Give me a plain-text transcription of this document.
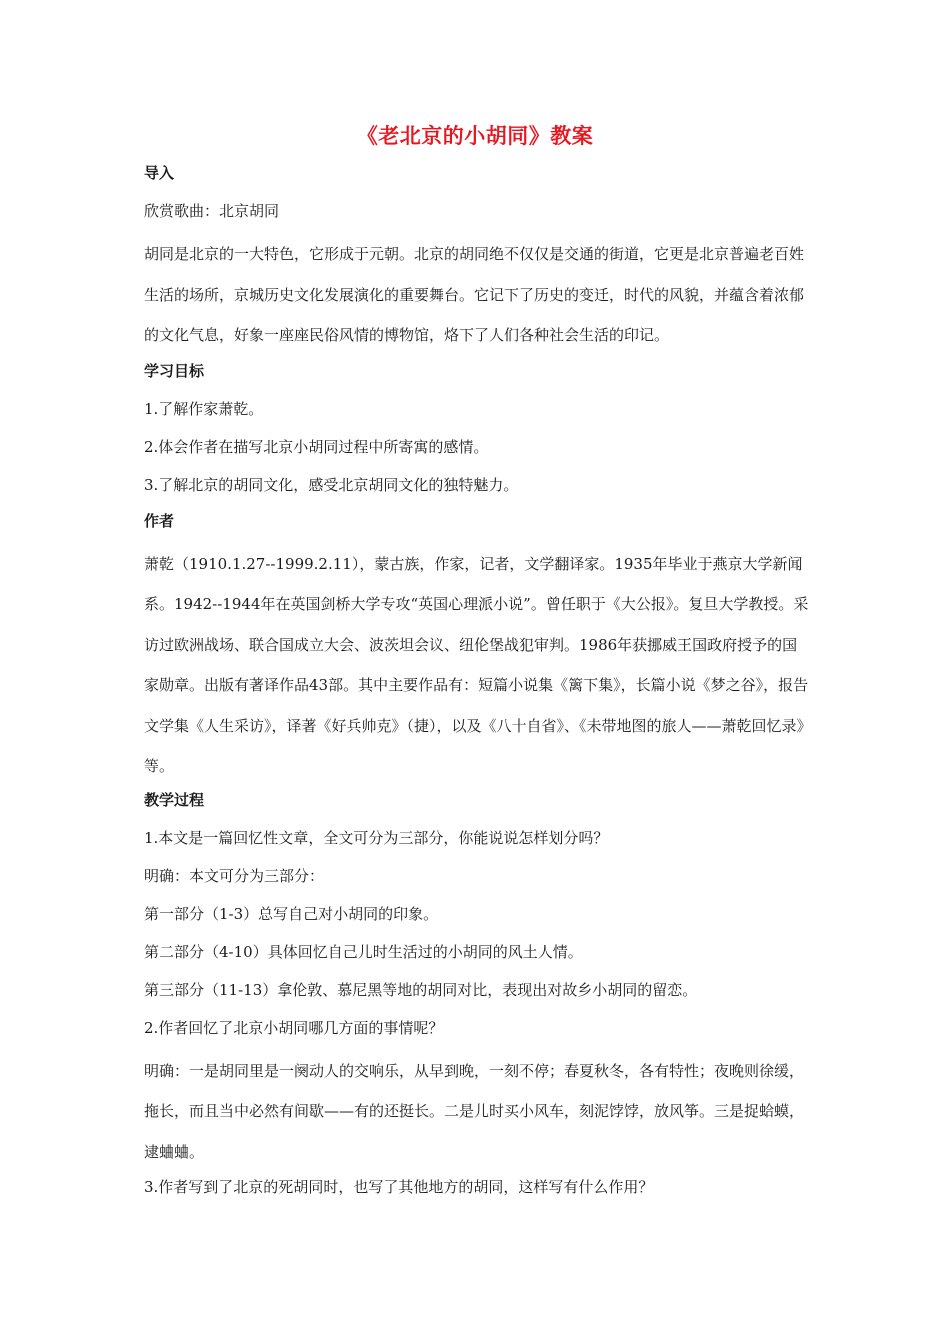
《老北京的小胡同》教案
导入
欣赏歌曲：北京胡同
胡同是北京的一大特色，它形成于元朝。北京的胡同绝不仅仅是交通的街道，它更是北京普遍老百姓生活的场所，京城历史文化发展演化的重要舞台。它记下了历史的变迁，时代的风貌，并蕴含着浓郁的文化气息，好象一座座民俗风情的博物馆，烙下了人们各种社会生活的印记。
学习目标
1.了解作家萧乾。
2.体会作者在描写北京小胡同过程中所寄寓的感情。
3.了解北京的胡同文化，感受北京胡同文化的独特魅力。
作者
萧乾（1910.1.27--1999.2.11），蒙古族，作家，记者，文学翻译家。1935年毕业于燕京大学新闻系。1942--1944年在英国剑桥大学专攻“英国心理派小说”。曾任职于《大公报》。复旦大学教授。采访过欧洲战场、联合国成立大会、波茨坦会议、纽伦堡战犯审判。1986年获挪威王国政府授予的国家勋章。出版有著译作品43部。其中主要作品有：短篇小说集《篱下集》，长篇小说《梦之谷》，报告文学集《人生采访》，译著《好兵帅克》（捷），以及《八十自省》、《未带地图的旅人——萧乾回忆录》等。
教学过程
1.本文是一篇回忆性文章，全文可分为三部分，你能说说怎样划分吗？
明确：本文可分为三部分：
第一部分（1-3）总写自己对小胡同的印象。
第二部分（4-10）具体回忆自己儿时生活过的小胡同的风土人情。
第三部分（11-13）拿伦敦、慕尼黑等地的胡同对比，表现出对故乡小胡同的留恋。
2.作者回忆了北京小胡同哪几方面的事情呢？
明确：一是胡同里是一阕动人的交响乐，从早到晚，一刻不停；春夏秋冬，各有特性；夜晚则徐缓，拖长，而且当中必然有间歇——有的还挺长。二是儿时买小风车，刻泥饽饽，放风筝。三是捉蛤蟆，逮蛐蛐。
3.作者写到了北京的死胡同时，也写了其他地方的胡同，这样写有什么作用？
